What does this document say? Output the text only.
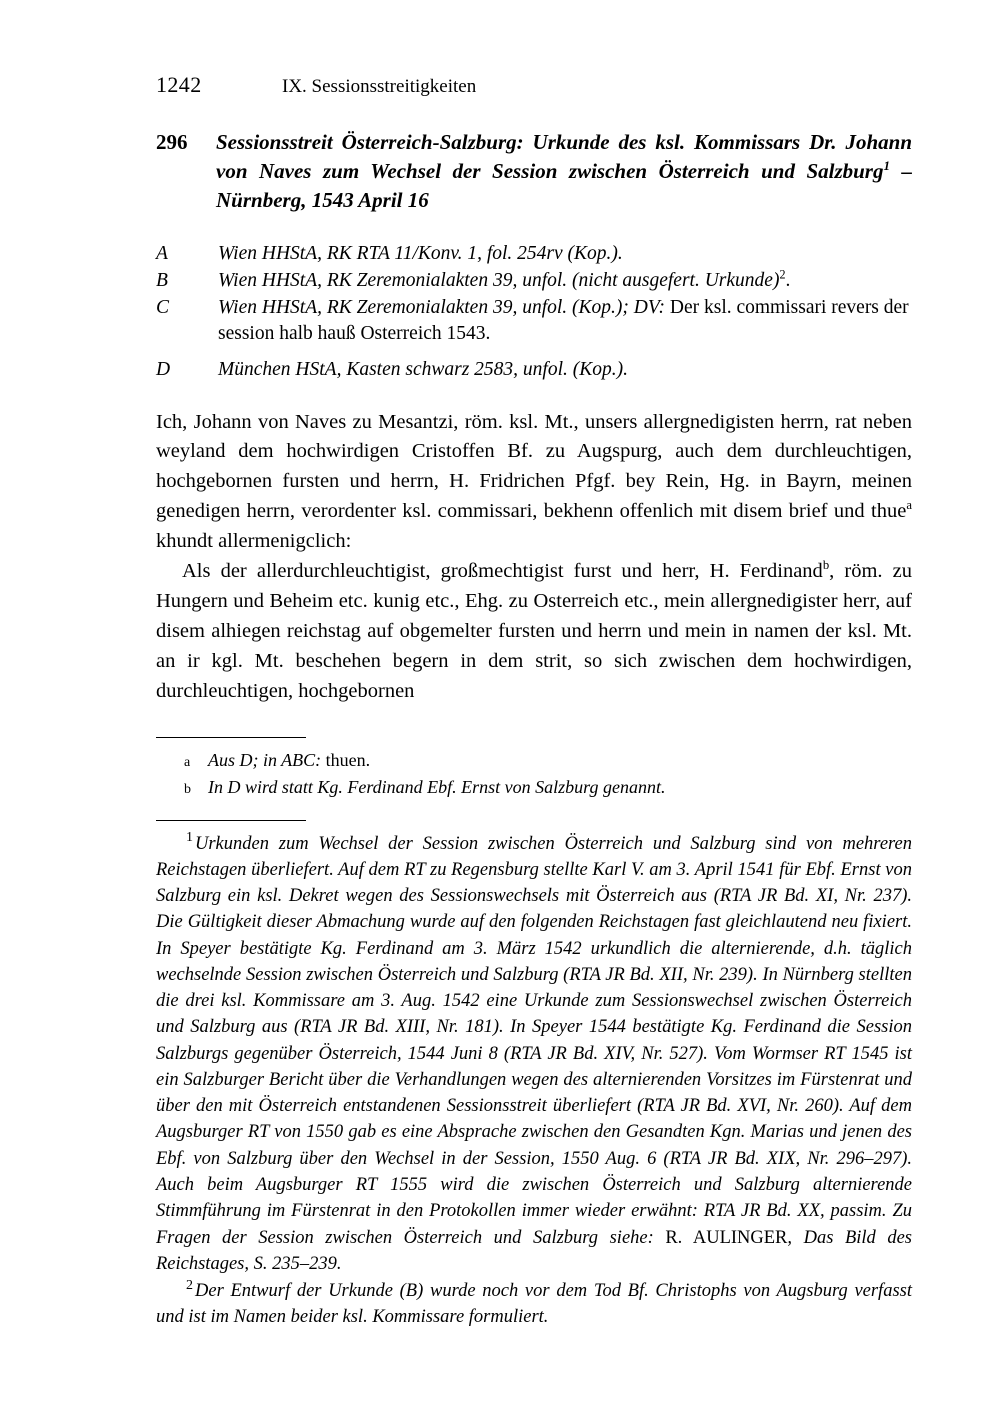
1242	IX. Sessionsstreitigkeiten
296	Sessionsstreit Österreich-Salzburg: Urkunde des ksl. Kommissars Dr. Johann von Naves zum Wechsel der Session zwischen Österreich und Salzburg$^1$ – Nürnberg, 1543 April 16
A	Wien HHStA, RK RTA 11/Konv. 1, fol. 254rv (Kop.).
B	Wien HHStA, RK Zeremonialakten 39, unfol. (nicht ausgefert. Urkunde)$^2$.
C	Wien HHStA, RK Zeremonialakten 39, unfol. (Kop.); DV: Der ksl. commissari revers der session halb hauß Osterreich 1543.
D	München HStA, Kasten schwarz 2583, unfol. (Kop.).

Ich, Johann von Naves zu Mesantzi, röm. ksl. Mt., unsers allergnedigisten herrn, rat neben weyland dem hochwirdigen Cristoffen Bf. zu Augspurg, auch dem durchleuchtigen, hochgebornen fursten und herrn, H. Fridrichen Pfgf. bey Rein, Hg. in Bayrn, meinen genedigen herrn, verordenter ksl. commissari, bekhenn offenlich mit disem brief und thue$^a$ khundt allermenigclich:

Als der allerdurchleuchtigist, großmechtigist furst und herr, H. Ferdinand$^b$, röm. zu Hungern und Beheim etc. kunig etc., Ehg. zu Osterreich etc., mein allergnedigister herr, auf disem alhiegen reichstag auf obgemelter fursten und herrn und mein in namen der ksl. Mt. an ir kgl. Mt. beschehen begern in dem strit, so sich zwischen dem hochwirdigen, durchleuchtigen, hochgebornen

a Aus D; in ABC: thuen.
b In D wird statt Kg. Ferdinand Ebf. Ernst von Salzburg genannt.

$^1$ Urkunden zum Wechsel der Session zwischen Österreich und Salzburg sind von mehreren Reichstagen überliefert. Auf dem RT zu Regensburg stellte Karl V. am 3. April 1541 für Ebf. Ernst von Salzburg ein ksl. Dekret wegen des Sessionswechsels mit Österreich aus (RTA JR Bd. XI, Nr. 237). Die Gültigkeit dieser Abmachung wurde auf den folgenden Reichstagen fast gleichlautend neu fixiert. In Speyer bestätigte Kg. Ferdinand am 3. März 1542 urkundlich die alternierende, d.h. täglich wechselnde Session zwischen Österreich und Salzburg (RTA JR Bd. XII, Nr. 239). In Nürnberg stellten die drei ksl. Kommissare am 3. Aug. 1542 eine Urkunde zum Sessionswechsel zwischen Österreich und Salzburg aus (RTA JR Bd. XIII, Nr. 181). In Speyer 1544 bestätigte Kg. Ferdinand die Session Salzburgs gegenüber Österreich, 1544 Juni 8 (RTA JR Bd. XIV, Nr. 527). Vom Wormser RT 1545 ist ein Salzburger Bericht über die Verhandlungen wegen des alternierenden Vorsitzes im Fürstenrat und über den mit Österreich entstandenen Sessionsstreit überliefert (RTA JR Bd. XVI, Nr. 260). Auf dem Augsburger RT von 1550 gab es eine Absprache zwischen den Gesandten Kgn. Marias und jenen des Ebf. von Salzburg über den Wechsel in der Session, 1550 Aug. 6 (RTA JR Bd. XIX, Nr. 296–297). Auch beim Augsburger RT 1555 wird die zwischen Österreich und Salzburg alternierende Stimmführung im Fürstenrat in den Protokollen immer wieder erwähnt: RTA JR Bd. XX, passim. Zu Fragen der Session zwischen Österreich und Salzburg siehe: R. AULINGER, Das Bild des Reichstages, S. 235–239.

$^2$ Der Entwurf der Urkunde (B) wurde noch vor dem Tod Bf. Christophs von Augsburg verfasst und ist im Namen beider ksl. Kommissare formuliert.
